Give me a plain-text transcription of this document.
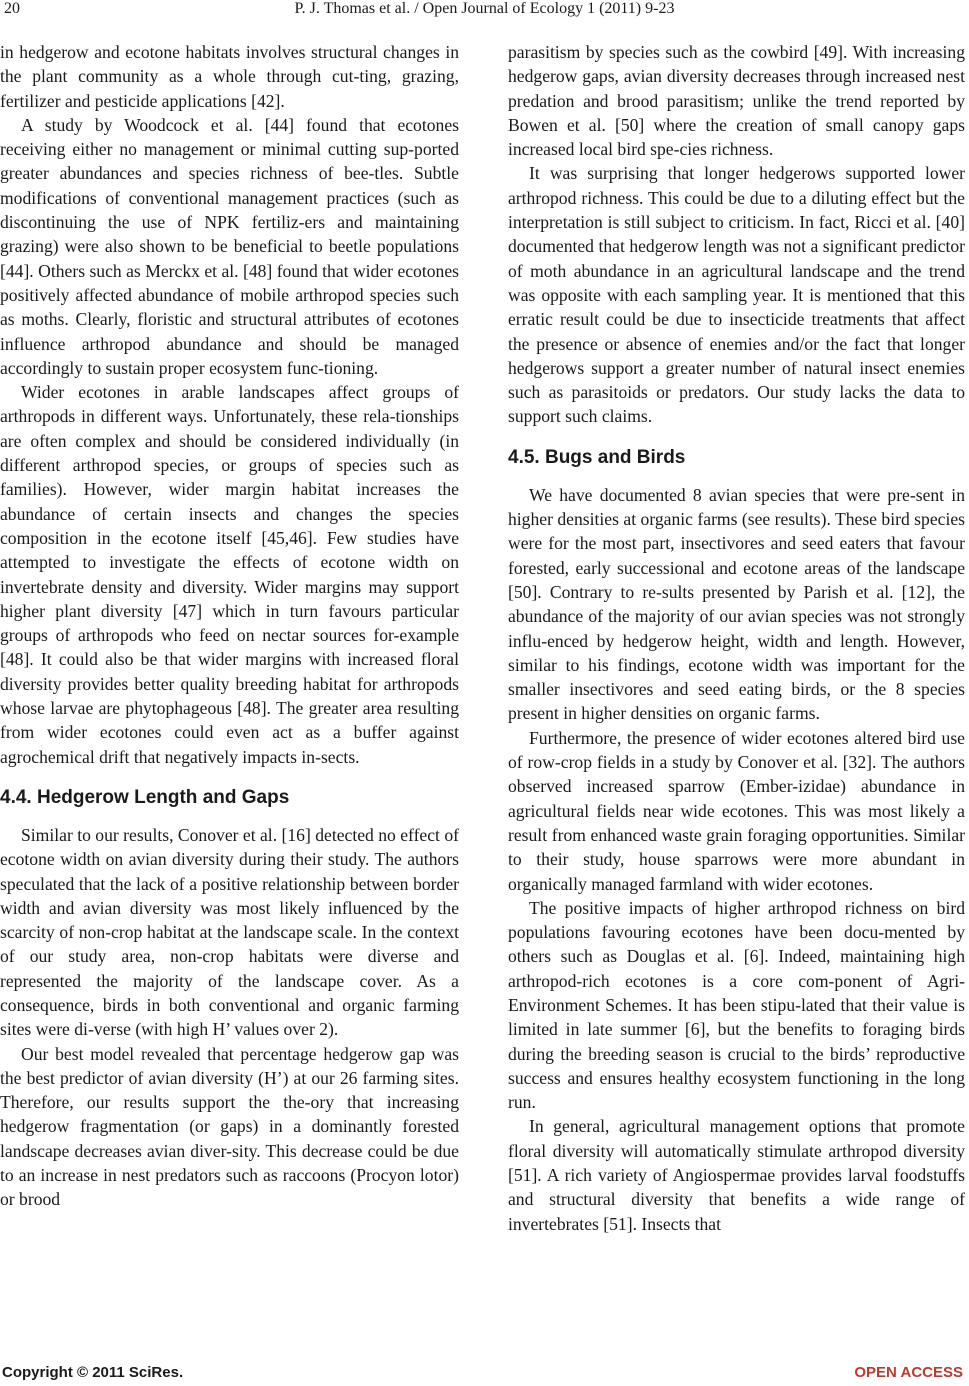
20	P. J. Thomas et al. / Open Journal of Ecology 1 (2011) 9-23

in hedgerow and ecotone habitats involves structural changes in the plant community as a whole through cut-ting, grazing, fertilizer and pesticide applications [42].

A study by Woodcock et al. [44] found that ecotones receiving either no management or minimal cutting sup-ported greater abundances and species richness of bee-tles. Subtle modifications of conventional management practices (such as discontinuing the use of NPK fertiliz-ers and maintaining grazing) were also shown to be beneficial to beetle populations [44]. Others such as Merckx et al. [48] found that wider ecotones positively affected abundance of mobile arthropod species such as moths. Clearly, floristic and structural attributes of ecotones influence arthropod abundance and should be managed accordingly to sustain proper ecosystem func-tioning.

Wider ecotones in arable landscapes affect groups of arthropods in different ways. Unfortunately, these rela-tionships are often complex and should be considered individually (in different arthropod species, or groups of species such as families). However, wider margin habitat increases the abundance of certain insects and changes the species composition in the ecotone itself [45,46]. Few studies have attempted to investigate the effects of ecotone width on invertebrate density and diversity. Wider margins may support higher plant diversity [47] which in turn favours particular groups of arthropods who feed on nectar sources for-example [48]. It could also be that wider margins with increased floral diversity provides better quality breeding habitat for arthropods whose larvae are phytophageous [48]. The greater area resulting from wider ecotones could even act as a buffer against agrochemical drift that negatively impacts in-sects.

4.4. Hedgerow Length and Gaps

Similar to our results, Conover et al. [16] detected no effect of ecotone width on avian diversity during their study. The authors speculated that the lack of a positive relationship between border width and avian diversity was most likely influenced by the scarcity of non-crop habitat at the landscape scale. In the context of our study area, non-crop habitats were diverse and represented the majority of the landscape cover. As a consequence, birds in both conventional and organic farming sites were di-verse (with high H’ values over 2).

Our best model revealed that percentage hedgerow gap was the best predictor of avian diversity (H’) at our 26 farming sites. Therefore, our results support the the-ory that increasing hedgerow fragmentation (or gaps) in a dominantly forested landscape decreases avian diver-sity. This decrease could be due to an increase in nest predators such as raccoons (Procyon lotor) or brood

parasitism by species such as the cowbird [49]. With increasing hedgerow gaps, avian diversity decreases through increased nest predation and brood parasitism; unlike the trend reported by Bowen et al. [50] where the creation of small canopy gaps increased local bird spe-cies richness.

It was surprising that longer hedgerows supported lower arthropod richness. This could be due to a diluting effect but the interpretation is still subject to criticism. In fact, Ricci et al. [40] documented that hedgerow length was not a significant predictor of moth abundance in an agricultural landscape and the trend was opposite with each sampling year. It is mentioned that this erratic result could be due to insecticide treatments that affect the presence or absence of enemies and/or the fact that longer hedgerows support a greater number of natural insect enemies such as parasitoids or predators. Our study lacks the data to support such claims.

4.5. Bugs and Birds

We have documented 8 avian species that were pre-sent in higher densities at organic farms (see results). These bird species were for the most part, insectivores and seed eaters that favour forested, early successional and ecotone areas of the landscape [50]. Contrary to re-sults presented by Parish et al. [12], the abundance of the majority of our avian species was not strongly influ-enced by hedgerow height, width and length. However, similar to his findings, ecotone width was important for the smaller insectivores and seed eating birds, or the 8 species present in higher densities on organic farms.

Furthermore, the presence of wider ecotones altered bird use of row-crop fields in a study by Conover et al. [32]. The authors observed increased sparrow (Ember-izidae) abundance in agricultural fields near wide ecotones. This was most likely a result from enhanced waste grain foraging opportunities. Similar to their study, house sparrows were more abundant in organically managed farmland with wider ecotones.

The positive impacts of higher arthropod richness on bird populations favouring ecotones have been docu-mented by others such as Douglas et al. [6]. Indeed, maintaining high arthropod-rich ecotones is a core com-ponent of Agri-Environment Schemes. It has been stipu-lated that their value is limited in late summer [6], but the benefits to foraging birds during the breeding season is crucial to the birds’ reproductive success and ensures healthy ecosystem functioning in the long run.

In general, agricultural management options that promote floral diversity will automatically stimulate arthropod diversity [51]. A rich variety of Angiospermae provides larval foodstuffs and structural diversity that benefits a wide range of invertebrates [51]. Insects that

Copyright © 2011 SciRes.	OPEN ACCESS
